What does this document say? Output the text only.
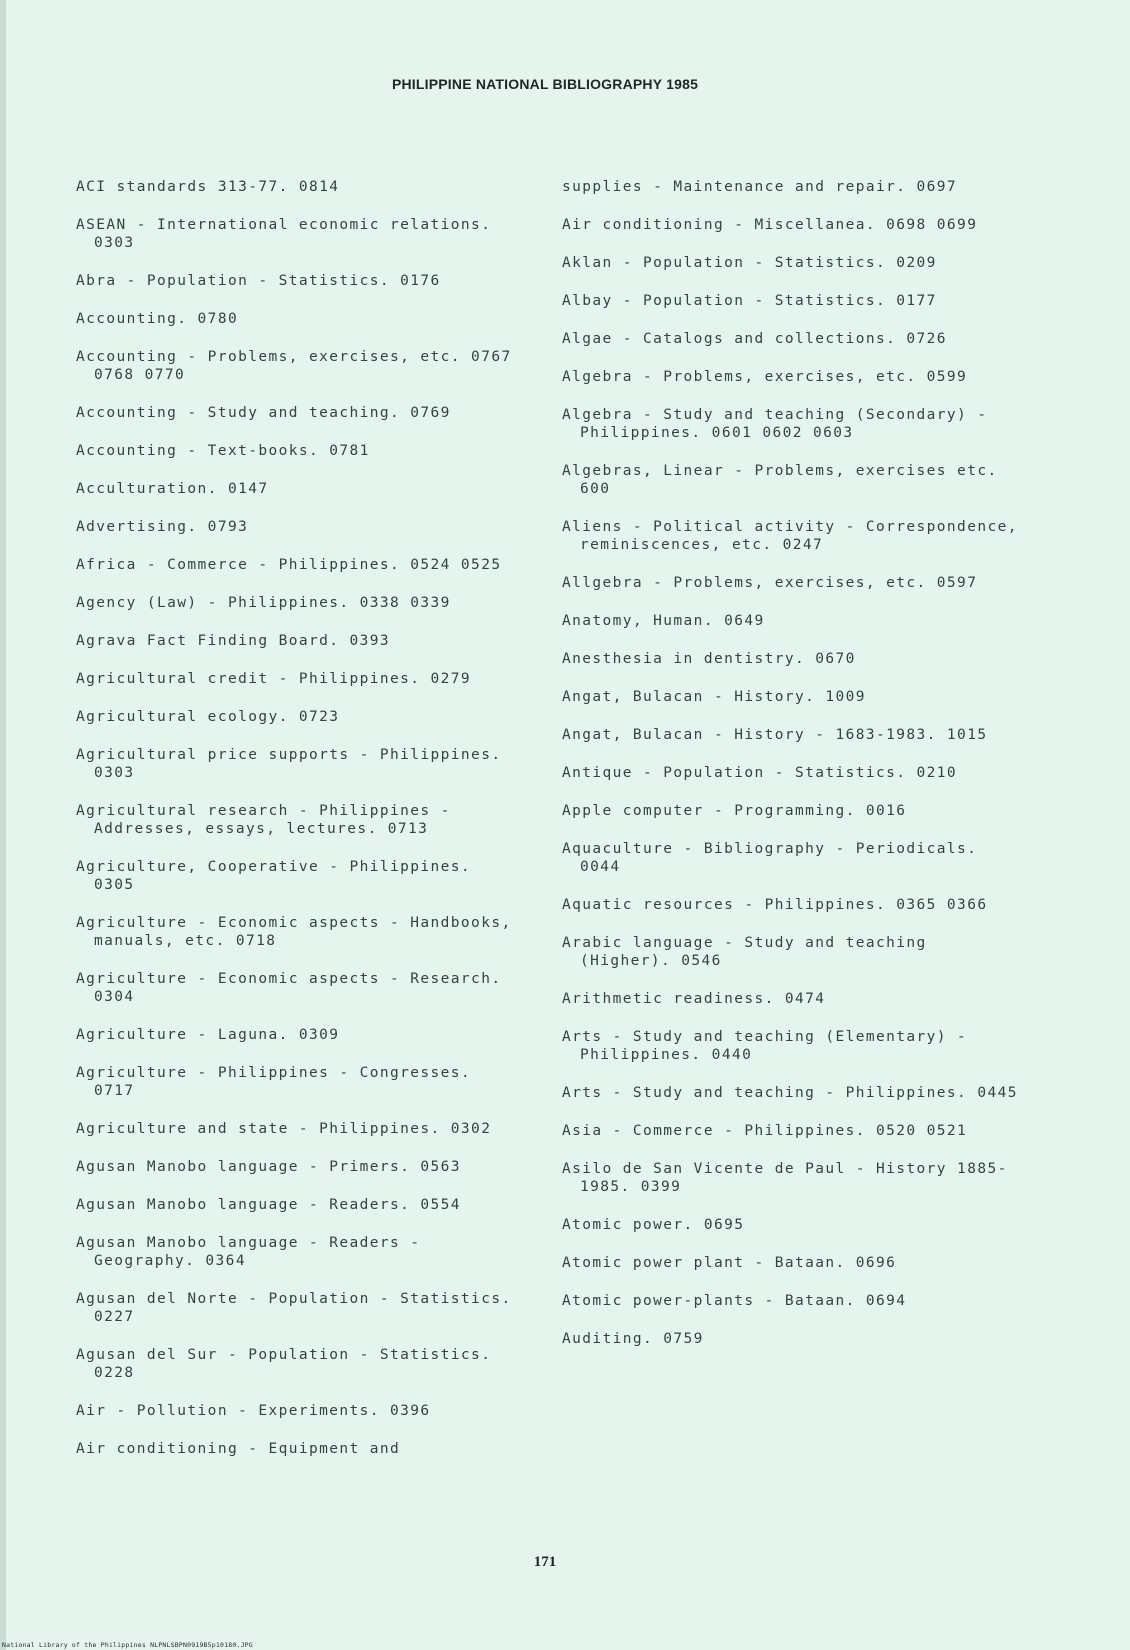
PHILIPPINE NATIONAL BIBLIOGRAPHY 1985
ACI standards 313-77. 0814
ASEAN - International economic relations. 0303
Abra - Population - Statistics. 0176
Accounting. 0780
Accounting - Problems, exercises, etc. 0767 0768 0770
Accounting - Study and teaching. 0769
Accounting - Text-books. 0781
Acculturation. 0147
Advertising. 0793
Africa - Commerce - Philippines. 0524 0525
Agency (Law) - Philippines. 0338 0339
Agrava Fact Finding Board. 0393
Agricultural credit - Philippines. 0279
Agricultural ecology. 0723
Agricultural price supports - Philippines. 0303
Agricultural research - Philippines - Addresses, essays, lectures. 0713
Agriculture, Cooperative - Philippines. 0305
Agriculture - Economic aspects - Handbooks, manuals, etc. 0718
Agriculture - Economic aspects - Research. 0304
Agriculture - Laguna. 0309
Agriculture - Philippines - Congresses. 0717
Agriculture and state - Philippines. 0302
Agusan Manobo language - Primers. 0563
Agusan Manobo language - Readers. 0554
Agusan Manobo language - Readers - Geography. 0364
Agusan del Norte - Population - Statistics. 0227
Agusan del Sur - Population - Statistics. 0228
Air - Pollution - Experiments. 0396
Air conditioning - Equipment and
supplies - Maintenance and repair. 0697
Air conditioning - Miscellanea. 0698 0699
Aklan - Population - Statistics. 0209
Albay - Population - Statistics. 0177
Algae - Catalogs and collections. 0726
Algebra - Problems, exercises, etc. 0599
Algebra - Study and teaching (Secondary) - Philippines. 0601 0602 0603
Algebras, Linear - Problems, exercises etc. 600
Aliens - Political activity - Correspondence, reminiscences, etc. 0247
Allgebra - Problems, exercises, etc. 0597
Anatomy, Human. 0649
Anesthesia in dentistry. 0670
Angat, Bulacan - History. 1009
Angat, Bulacan - History - 1683-1983. 1015
Antique - Population - Statistics. 0210
Apple computer - Programming. 0016
Aquaculture - Bibliography - Periodicals. 0044
Aquatic resources - Philippines. 0365 0366
Arabic language - Study and teaching (Higher). 0546
Arithmetic readiness. 0474
Arts - Study and teaching (Elementary) - Philippines. 0440
Arts - Study and teaching - Philippines. 0445
Asia - Commerce - Philippines. 0520 0521
Asilo de San Vicente de Paul - History 1885-1985. 0399
Atomic power. 0695
Atomic power plant - Bataan. 0696
Atomic power-plants - Bataan. 0694
Auditing. 0759
171
National Library of the Philippines NLPNLSBPN0919B5p10180.JPG
